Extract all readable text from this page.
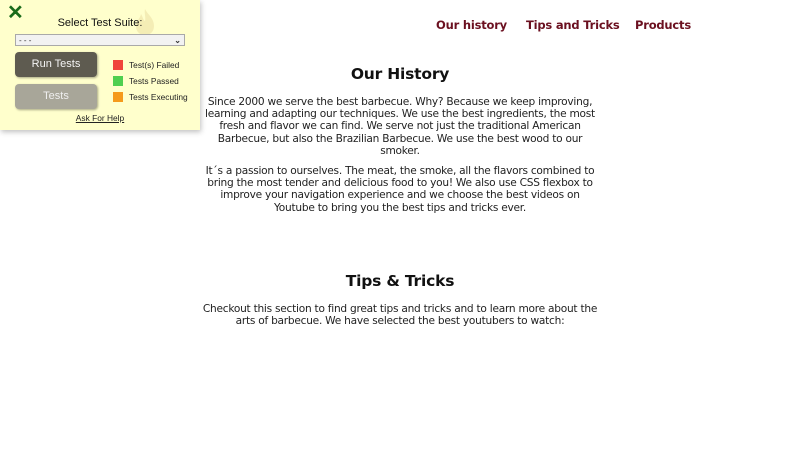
Our history Tips and Tricks Products
Our History

Since 2000 we serve the best barbecue. Why? Because we keep improving, learning and adapting our techniques. We use the best ingredients, the most fresh and flavor we can find. We serve not just the traditional American Barbecue, but also the Brazilian Barbecue. We use the best wood to our smoker.

It´s a passion to ourselves. The meat, the smoke, all the flavors combined to bring the most tender and delicious food to you! We also use CSS flexbox to improve your navigation experience and we choose the best videos on Youtube to bring you the best tips and tricks ever.

Tips & Tricks

Checkout this section to find great tips and tricks and to learn more about the arts of barbecue. We have selected the best youtubers to watch:

✕	Select Test Suite:
- - -	⌄
Run Tests
Tests
Test(s) Failed
Tests Passed
Tests Executing
Ask For Help
